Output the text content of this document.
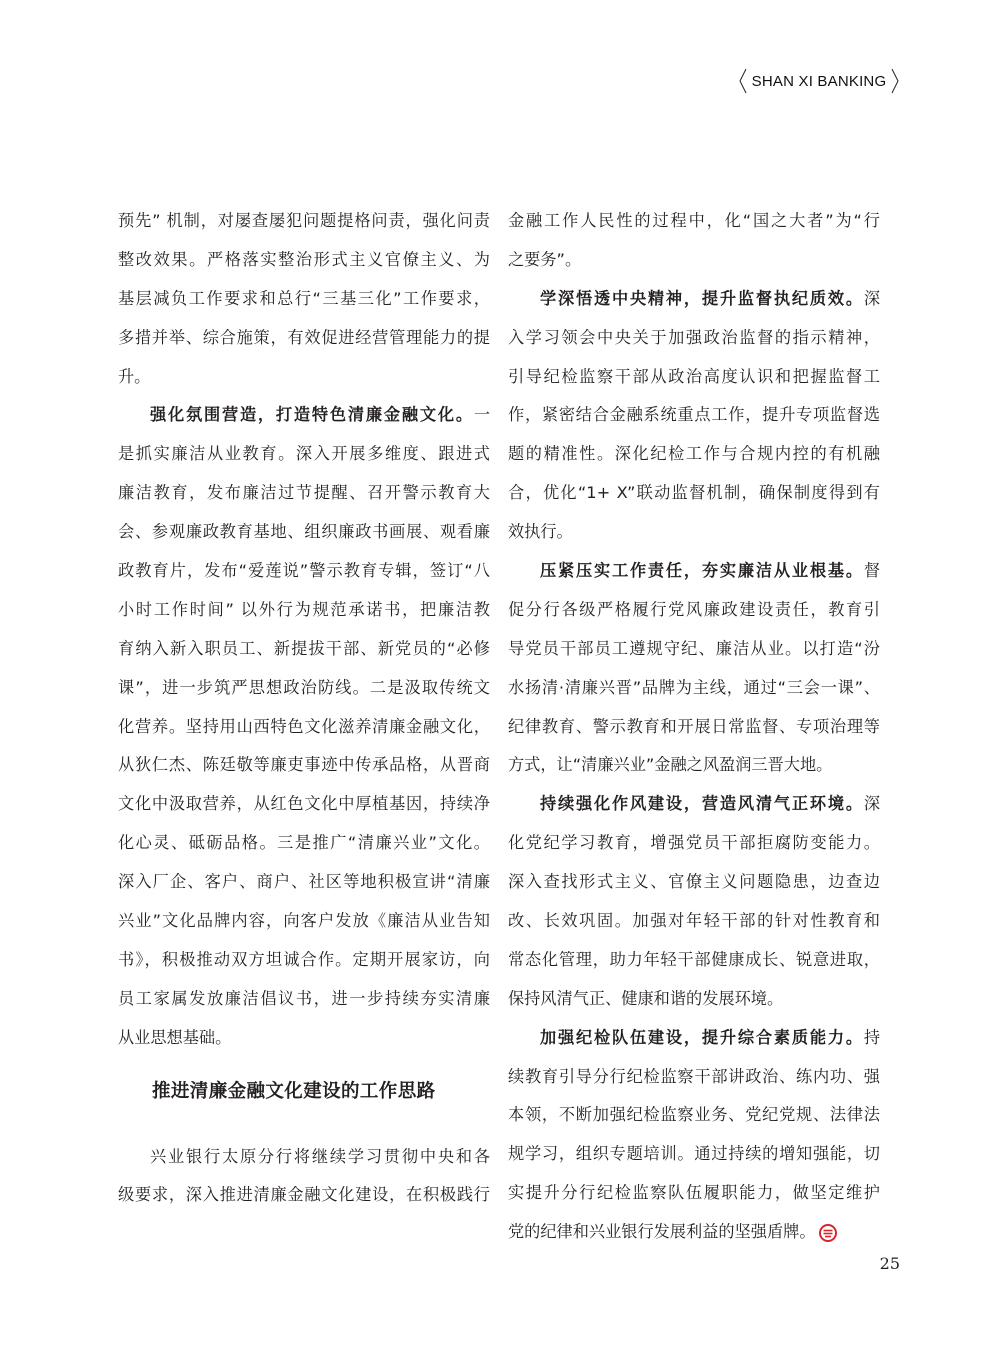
SHAN XI BANKING
预先” 机制，对屡查屡犯问题提格问责，强化问责
整改效果。严格落实整治形式主义官僚主义、为
基层减负工作要求和总行“三基三化”工作要求，
多措并举、综合施策，有效促进经营管理能力的提
升。
强化氛围营造，打造特色清廉金融文化。一
是抓实廉洁从业教育。深入开展多维度、跟进式
廉洁教育，发布廉洁过节提醒、召开警示教育大
会、参观廉政教育基地、组织廉政书画展、观看廉
政教育片，发布“爱莲说”警示教育专辑，签订“八
小时工作时间” 以外行为规范承诺书，把廉洁教
育纳入新入职员工、新提拔干部、新党员的“必修
课”，进一步筑严思想政治防线。二是汲取传统文
化营养。坚持用山西特色文化滋养清廉金融文化，
从狄仁杰、陈廷敬等廉吏事迹中传承品格，从晋商
文化中汲取营养，从红色文化中厚植基因，持续净
化心灵、砥砺品格。三是推广“清廉兴业”文化。
深入厂企、客户、商户、社区等地积极宣讲“清廉
兴业”文化品牌内容，向客户发放《廉洁从业告知
书》，积极推动双方坦诚合作。定期开展家访，向
员工家属发放廉洁倡议书，进一步持续夯实清廉
从业思想基础。
推进清廉金融文化建设的工作思路
兴业银行太原分行将继续学习贯彻中央和各
级要求，深入推进清廉金融文化建设，在积极践行
金融工作人民性的过程中，化“国之大者”为“行
之要务”。
学深悟透中央精神，提升监督执纪质效。深
入学习领会中央关于加强政治监督的指示精神，
引导纪检监察干部从政治高度认识和把握监督工
作，紧密结合金融系统重点工作，提升专项监督选
题的精准性。深化纪检工作与合规内控的有机融
合，优化“1+ X”联动监督机制，确保制度得到有
效执行。
压紧压实工作责任，夯实廉洁从业根基。督
促分行各级严格履行党风廉政建设责任，教育引
导党员干部员工遵规守纪、廉洁从业。以打造“汾
水扬清·清廉兴晋”品牌为主线，通过“三会一课”、
纪律教育、警示教育和开展日常监督、专项治理等
方式，让“清廉兴业”金融之风盈润三晋大地。
持续强化作风建设，营造风清气正环境。深
化党纪学习教育，增强党员干部拒腐防变能力。
深入查找形式主义、官僚主义问题隐患，边查边
改、长效巩固。加强对年轻干部的针对性教育和
常态化管理，助力年轻干部健康成长、锐意进取，
保持风清气正、健康和谐的发展环境。
加强纪检队伍建设，提升综合素质能力。持
续教育引导分行纪检监察干部讲政治、练内功、强
本领，不断加强纪检监察业务、党纪党规、法律法
规学习，组织专题培训。通过持续的增知强能，切
实提升分行纪检监察队伍履职能力，做坚定维护
党的纪律和兴业银行发展利益的坚强盾牌。
25
